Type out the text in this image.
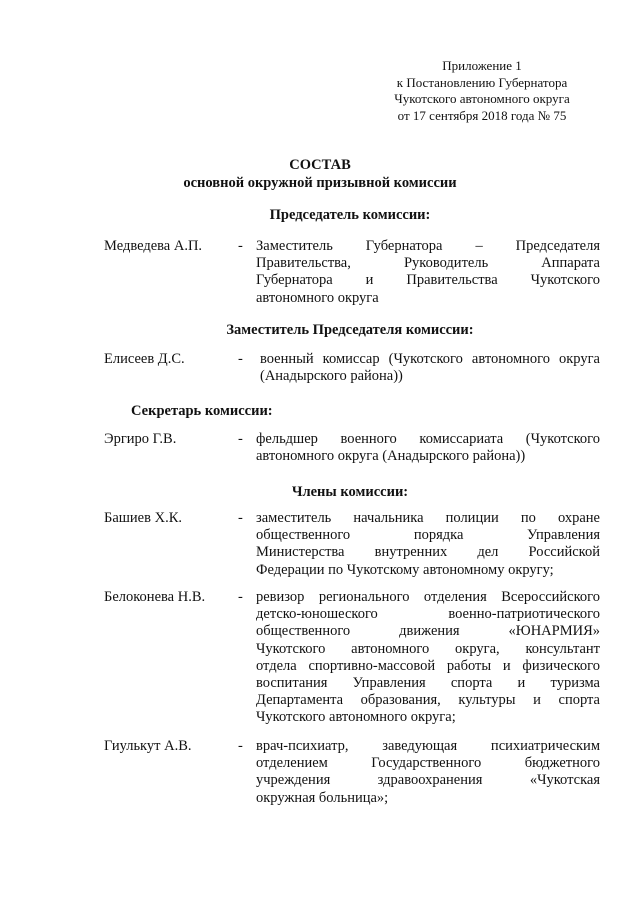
Приложение 1
к Постановлению Губернатора
Чукотского автономного округа
от 17 сентября 2018 года № 75
СОСТАВ
основной окружной призывной комиссии
Председатель комиссии:
Медведева А.П. - Заместитель Губернатора – Председателя
Правительства, Руководитель Аппарата
Губернатора и Правительства Чукотского
автономного округа
Заместитель Председателя комиссии:
Елисеев Д.С.	- военный комиссар (Чукотского автономного округа
(Анадырского района))
Секретарь комиссии:
Эргиро Г.В.	- фельдшер военного комиссариата (Чукотского
автономного округа (Анадырского района))
Члены комиссии:
Башиев Х.К.	- заместитель начальника полиции по охране
общественного порядка Управления
Министерства внутренних дел Российской
Федерации по Чукотскому автономному округу;
Белоконева Н.В. - ревизор регионального отделения Всероссийского
детско-юношеского военно-патриотического
общественного движения «ЮНАРМИЯ»
Чукотского автономного округа, консультант
отдела спортивно-массовой работы и физического
воспитания Управления спорта и туризма
Департамента образования, культуры и спорта
Чукотского автономного округа;
Гиулькут А.В.	- врач-психиатр, заведующая психиатрическим
отделением Государственного бюджетного
учреждения здравоохранения «Чукотская
окружная больница»;
